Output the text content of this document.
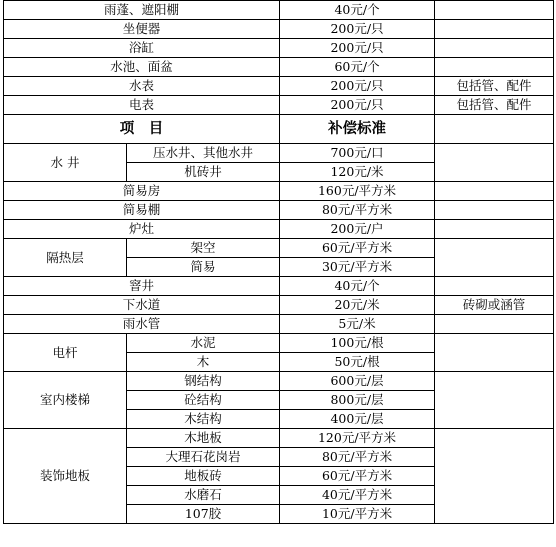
雨蓬、遮阳棚		40元/个	
坐便器		200元/只	
浴缸		200元/只	
水池、面盆		60元/个	
水表		200元/只	包括管、配件
电表		200元/只	包括管、配件
项　目		补偿标准	
水 井	压水井、其他水井	700元/口	
	机砖井	120元/米	
简易房		160元/平方米	
简易棚		80元/平方米	
炉灶		200元/户	
隔热层	架空	60元/平方米	
	简易	30元/平方米	
窨井		40元/个	
下水道		20元/米	砖砌或涵管
雨水管		5元/米	
电杆	水泥	100元/根	
	木	50元/根	
室内楼梯	钢结构	600元/层	
	砼结构	800元/层	
	木结构	400元/层	
装饰地板	木地板	120元/平方米	
	大理石花岗岩	80元/平方米	
	地板砖	60元/平方米	
	水磨石	40元/平方米	
	107胶	10元/平方米	
